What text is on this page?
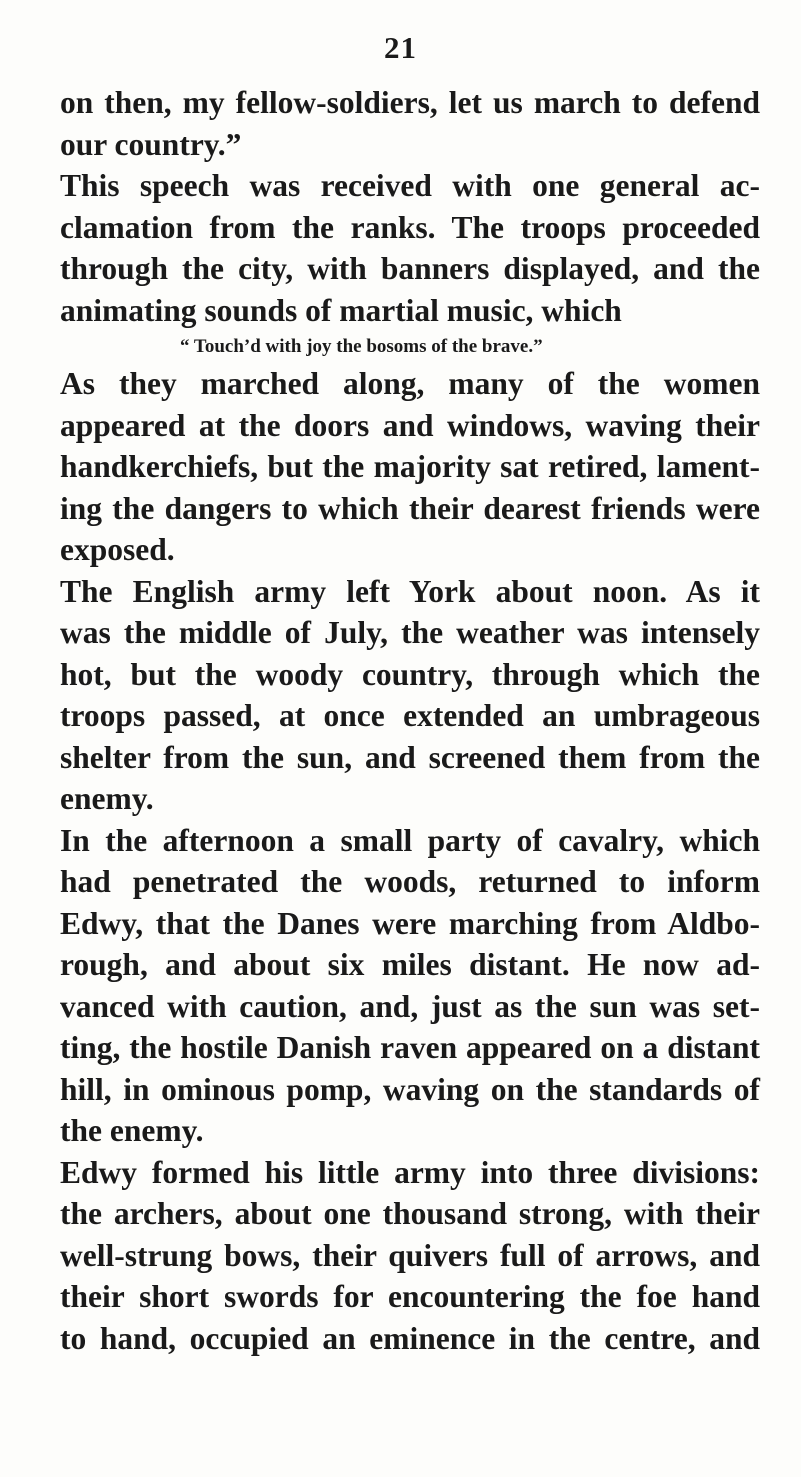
21
on then, my fellow-soldiers, let us march to defend
our country.”
This speech was received with one general ac-
clamation from the ranks. The troops proceeded
through the city, with banners displayed, and the
animating sounds of martial music, which
“ Touch’d with joy the bosoms of the brave.”
As they marched along, many of the women
appeared at the doors and windows, waving their
handkerchiefs, but the majority sat retired, lament-
ing the dangers to which their dearest friends were
exposed.
The English army left York about noon. As it
was the middle of July, the weather was intensely
hot, but the woody country, through which the
troops passed, at once extended an umbrageous
shelter from the sun, and screened them from the
enemy.
In the afternoon a small party of cavalry, which
had penetrated the woods, returned to inform
Edwy, that the Danes were marching from Aldbo-
rough, and about six miles distant. He now ad-
vanced with caution, and, just as the sun was set-
ting, the hostile Danish raven appeared on a distant
hill, in ominous pomp, waving on the standards of
the enemy.
Edwy formed his little army into three divisions:
the archers, about one thousand strong, with their
well-strung bows, their quivers full of arrows, and
their short swords for encountering the foe hand
to hand, occupied an eminence in the centre, and
